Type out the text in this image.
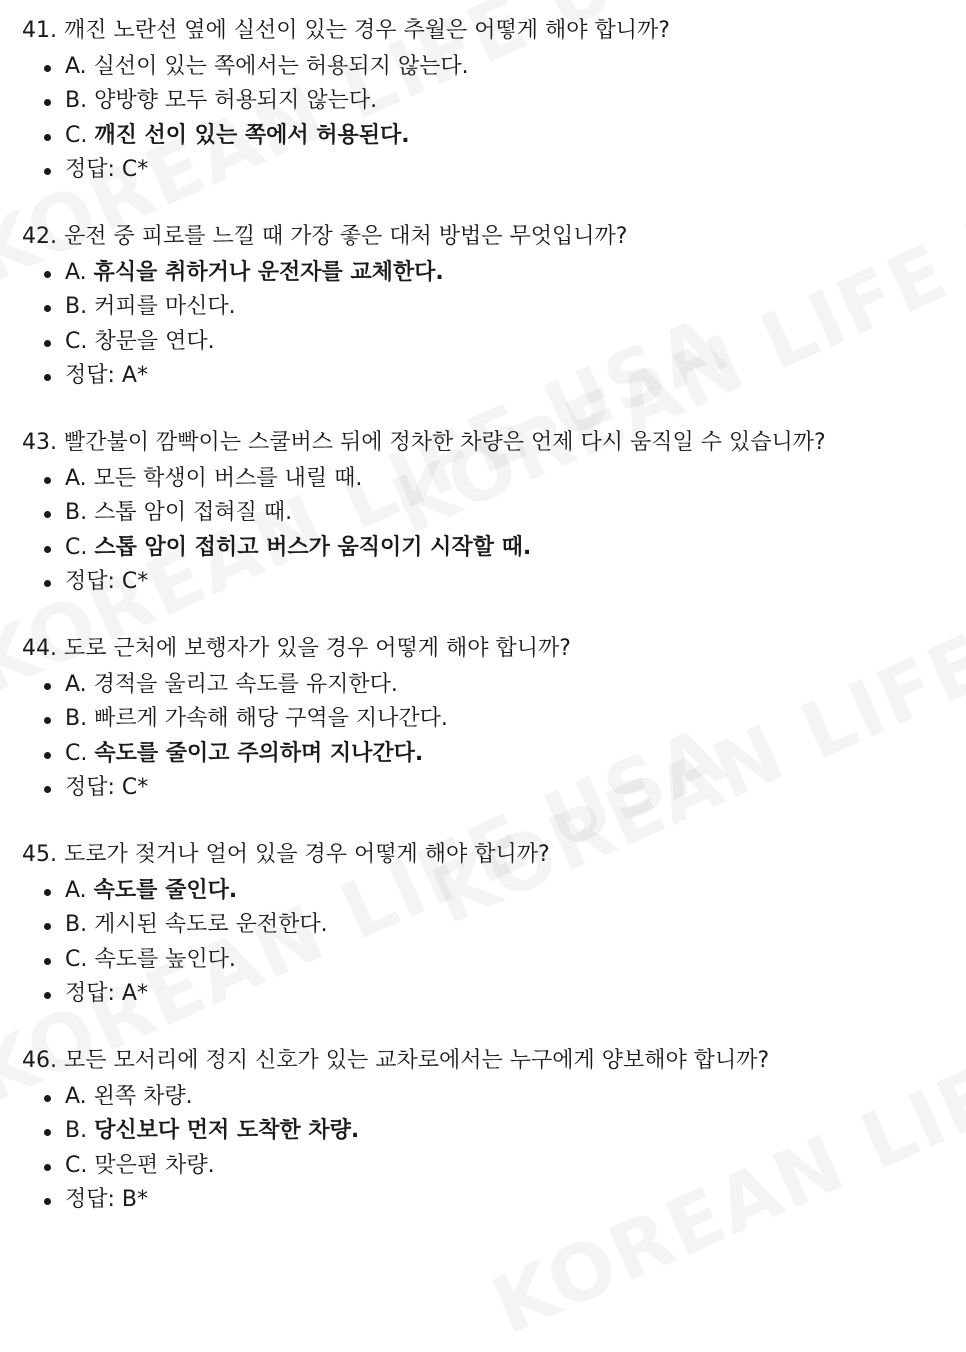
41. 깨진 노란선 옆에 실선이 있는 경우 추월은 어떻게 해야 합니까?

A. 실선이 있는 쪽에서는 허용되지 않는다.
B. 양방향 모두 허용되지 않는다.
C. 깨진 선이 있는 쪽에서 허용된다.
정답: C*

42. 운전 중 피로를 느낄 때 가장 좋은 대처 방법은 무엇입니까?

A. 휴식을 취하거나 운전자를 교체한다.
B. 커피를 마신다.
C. 창문을 연다.
정답: A*

43. 빨간불이 깜빡이는 스쿨버스 뒤에 정차한 차량은 언제 다시 움직일 수 있습니까?

A. 모든 학생이 버스를 내릴 때.
B. 스톱 암이 접혀질 때.
C. 스톱 암이 접히고 버스가 움직이기 시작할 때.
정답: C*

44. 도로 근처에 보행자가 있을 경우 어떻게 해야 합니까?

A. 경적을 울리고 속도를 유지한다.
B. 빠르게 가속해 해당 구역을 지나간다.
C. 속도를 줄이고 주의하며 지나간다.
정답: C*

45. 도로가 젖거나 얼어 있을 경우 어떻게 해야 합니까?

A. 속도를 줄인다.
B. 게시된 속도로 운전한다.
C. 속도를 높인다.
정답: A*

46. 모든 모서리에 정지 신호가 있는 교차로에서는 누구에게 양보해야 합니까?

A. 왼쪽 차량.
B. 당신보다 먼저 도착한 차량.
C. 맞은편 차량.
정답: B*
